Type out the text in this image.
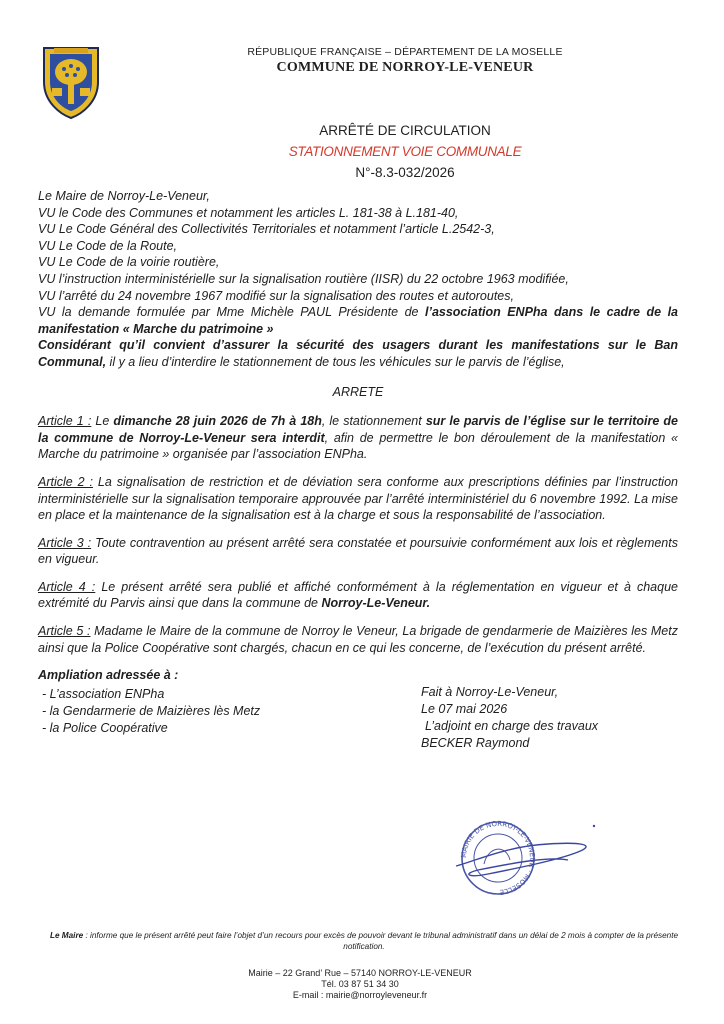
RÉPUBLIQUE FRANÇAISE – DÉPARTEMENT DE LA MOSELLE
COMMUNE DE NORROY-LE-VENEUR
ARRÊTÉ DE CIRCULATION
STATIONNEMENT VOIE COMMUNALE
N°-8.3-032/2026

Le Maire de Norroy-Le-Veneur,

VU le Code des Communes et notamment les articles L. 181-38 à L.181-40,

VU Le Code Général des Collectivités Territoriales et notamment l’article L.2542-3,

VU Le Code de la Route,

VU Le Code de la voirie routière,

VU l’instruction interministérielle sur la signalisation routière (IISR) du 22 octobre 1963 modifiée,

VU l’arrêté du 24 novembre 1967 modifié sur la signalisation des routes et autoroutes,

VU la demande formulée par Mme Michèle PAUL Présidente de l’association ENPha dans le cadre de la manifestation « Marche du patrimoine »

Considérant qu’il convient d’assurer la sécurité des usagers durant les manifestations sur le Ban Communal, il y a lieu d’interdire le stationnement de tous les véhicules sur le parvis de l’église,

ARRETE

Article 1 : Le dimanche 28 juin 2026 de 7h à 18h, le stationnement sur le parvis de l’église sur le territoire de la commune de Norroy-Le-Veneur sera interdit, afin de permettre le bon déroulement de la manifestation « Marche du patrimoine » organisée par l’association ENPha.

Article 2 : La signalisation de restriction et de déviation sera conforme aux prescriptions définies par l’instruction interministérielle sur la signalisation temporaire approuvée par l’arrêté interministériel du 6 novembre 1992. La mise en place et la maintenance de la signalisation est à la charge et sous la responsabilité de l’association.

Article 3 : Toute contravention au présent arrêté sera constatée et poursuivie conformément aux lois et règlements en vigueur.

Article 4 : Le présent arrêté sera publié et affiché conformément à la réglementation en vigueur et à chaque extrémité du Parvis ainsi que dans la commune de Norroy-Le-Veneur.

Article 5 : Madame le Maire de la commune de Norroy le Veneur, La brigade de gendarmerie de Maizières les Metz ainsi que la Police Coopérative sont chargés, chacun en ce qui les concerne, de l’exécution du présent arrêté.

Ampliation adressée à :

- L’association ENPha
- la Gendarmerie de Maizières lès Metz
- la Police Coopérative
Fait à Norroy-Le-Veneur,
Le 07 mai 2026
L’adjoint en charge des travaux
BECKER Raymond
MAIRIE DE NORROY-LE-VENEUR · MOSELLE
Le Maire : informe que le présent arrêté peut faire l’objet d’un recours pour excès de pouvoir devant le tribunal administratif dans un délai de 2 mois à compter de la présente notification.
Mairie – 22 Grand’ Rue – 57140 NORROY-LE-VENEUR
Tél. 03 87 51 34 30
E-mail : mairie@norroyleveneur.fr
